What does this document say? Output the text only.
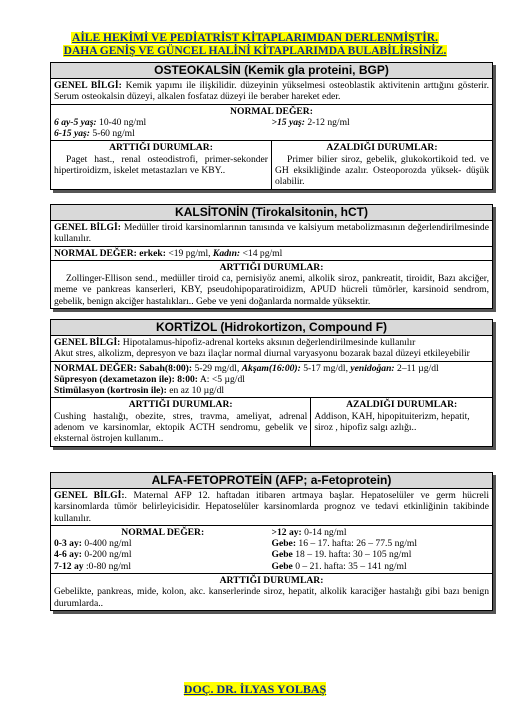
AİLE HEKİMİ VE PEDİATRİST KİTAPLARIMDAN DERLENMİŞTİR.
DAHA GENİŞ VE GÜNCEL HALİNİ KİTAPLARIMDA BULABİLİRSİNİZ.
OSTEOKALSİN (Kemik gla proteini, BGP)
GENEL BİLGİ: Kemik yapımı ile ilişkilidir. düzeyinin yükselmesi osteoblastik aktivitenin arttığını gösterir. Serum osteokalsin düzeyi, alkalen fosfataz düzeyi ile beraber hareket eder.
NORMAL DEĞER:
6 ay-5 yaş: 10-40 ng/ml	>15 yaş: 2-12 ng/ml
6-15 yaş: 5-60 ng/ml
ARTTIĞI DURUMLAR:
Paget hast., renal osteodistrofi, primer-sekonder hipertiroidizm, iskelet metastazları ve KBY..
AZALDIĞI DURUMLAR:
Primer bilier siroz, gebelik, glukokortikoid ted. ve GH eksikliğinde azalır. Osteoporozda yüksek- düşük olabilir.
KALSİTONİN (Tirokalsitonin, hCT)
GENEL BİLGİ: Medüller tiroid karsinomlarının tanısında ve kalsiyum metabolizmasının değerlendirilmesinde kullanılır.
NORMAL DEĞER: erkek: <19 pg/ml, Kadın: <14 pg/ml
ARTTIĞI DURUMLAR:
Zollinger-Ellison send., medüller tiroid ca, pernisiyöz anemi, alkolik siroz, pankreatit, tiroidit, Bazı akciğer, meme ve pankreas kanserleri, KBY, pseudohipoparatiroidizm, APUD hücreli tümörler, karsinoid sendrom, gebelik, benign akciğer hastalıkları.. Gebe ve yeni doğanlarda normalde yüksektir.
KORTİZOL (Hidrokortizon, Compound F)
GENEL BİLGİ: Hipotalamus-hipofiz-adrenal korteks aksının değerlendirilmesinde kullanılır
Akut stres, alkolizm, depresyon ve bazı ilaçlar normal diurnal varyasyonu bozarak bazal düzeyi etkileyebilir
NORMAL DEĞER: Sabah(8:00): 5-29 mg/dl, Akşam(16:00): 5-17 mg/dl, yenidoğan: 2–11 µg/dl
Süpresyon (dexametazon ile): 8:00: A: <5 µg/dl
Stimülasyon (kortrosin ile): en az 10 µg/dl
ARTTIĞI DURUMLAR:
Cushing hastalığı, obezite, stres, travma, ameliyat, adrenal adenom ve karsinomlar, ektopik ACTH sendromu, gebelik ve eksternal östrojen kullanım..
AZALDIĞI DURUMLAR:
Addison, KAH, hipopituiterizm, hepatit, siroz , hipofiz salgı azlığı..
ALFA-FETOPROTEİN (AFP; a-Fetoprotein)
GENEL BİLGİ:. Maternal AFP 12. haftadan itibaren artmaya başlar. Hepatoselüler ve germ hücreli karsinomlarda tümör belirleyicisidir. Hepatoselüler karsinomlarda prognoz ve tedavi etkinliğinin takibinde kullanılır.
NORMAL DEĞER:
0-3 ay: 0-400 ng/ml
4-6 ay: 0-200 ng/ml
7-12 ay :0-80 ng/ml
>12 ay: 0-14 ng/ml
Gebe: 16 – 17. hafta: 26 – 77.5 ng/ml
Gebe 18 – 19. hafta: 30 – 105 ng/ml
Gebe 0 – 21. hafta: 35 – 141 ng/ml
ARTTIĞI DURUMLAR:
Gebelikte, pankreas, mide, kolon, akc. kanserlerinde siroz, hepatit, alkolik karaciğer hastalığı gibi bazı benign durumlarda..
DOÇ. DR. İLYAS YOLBAŞ
